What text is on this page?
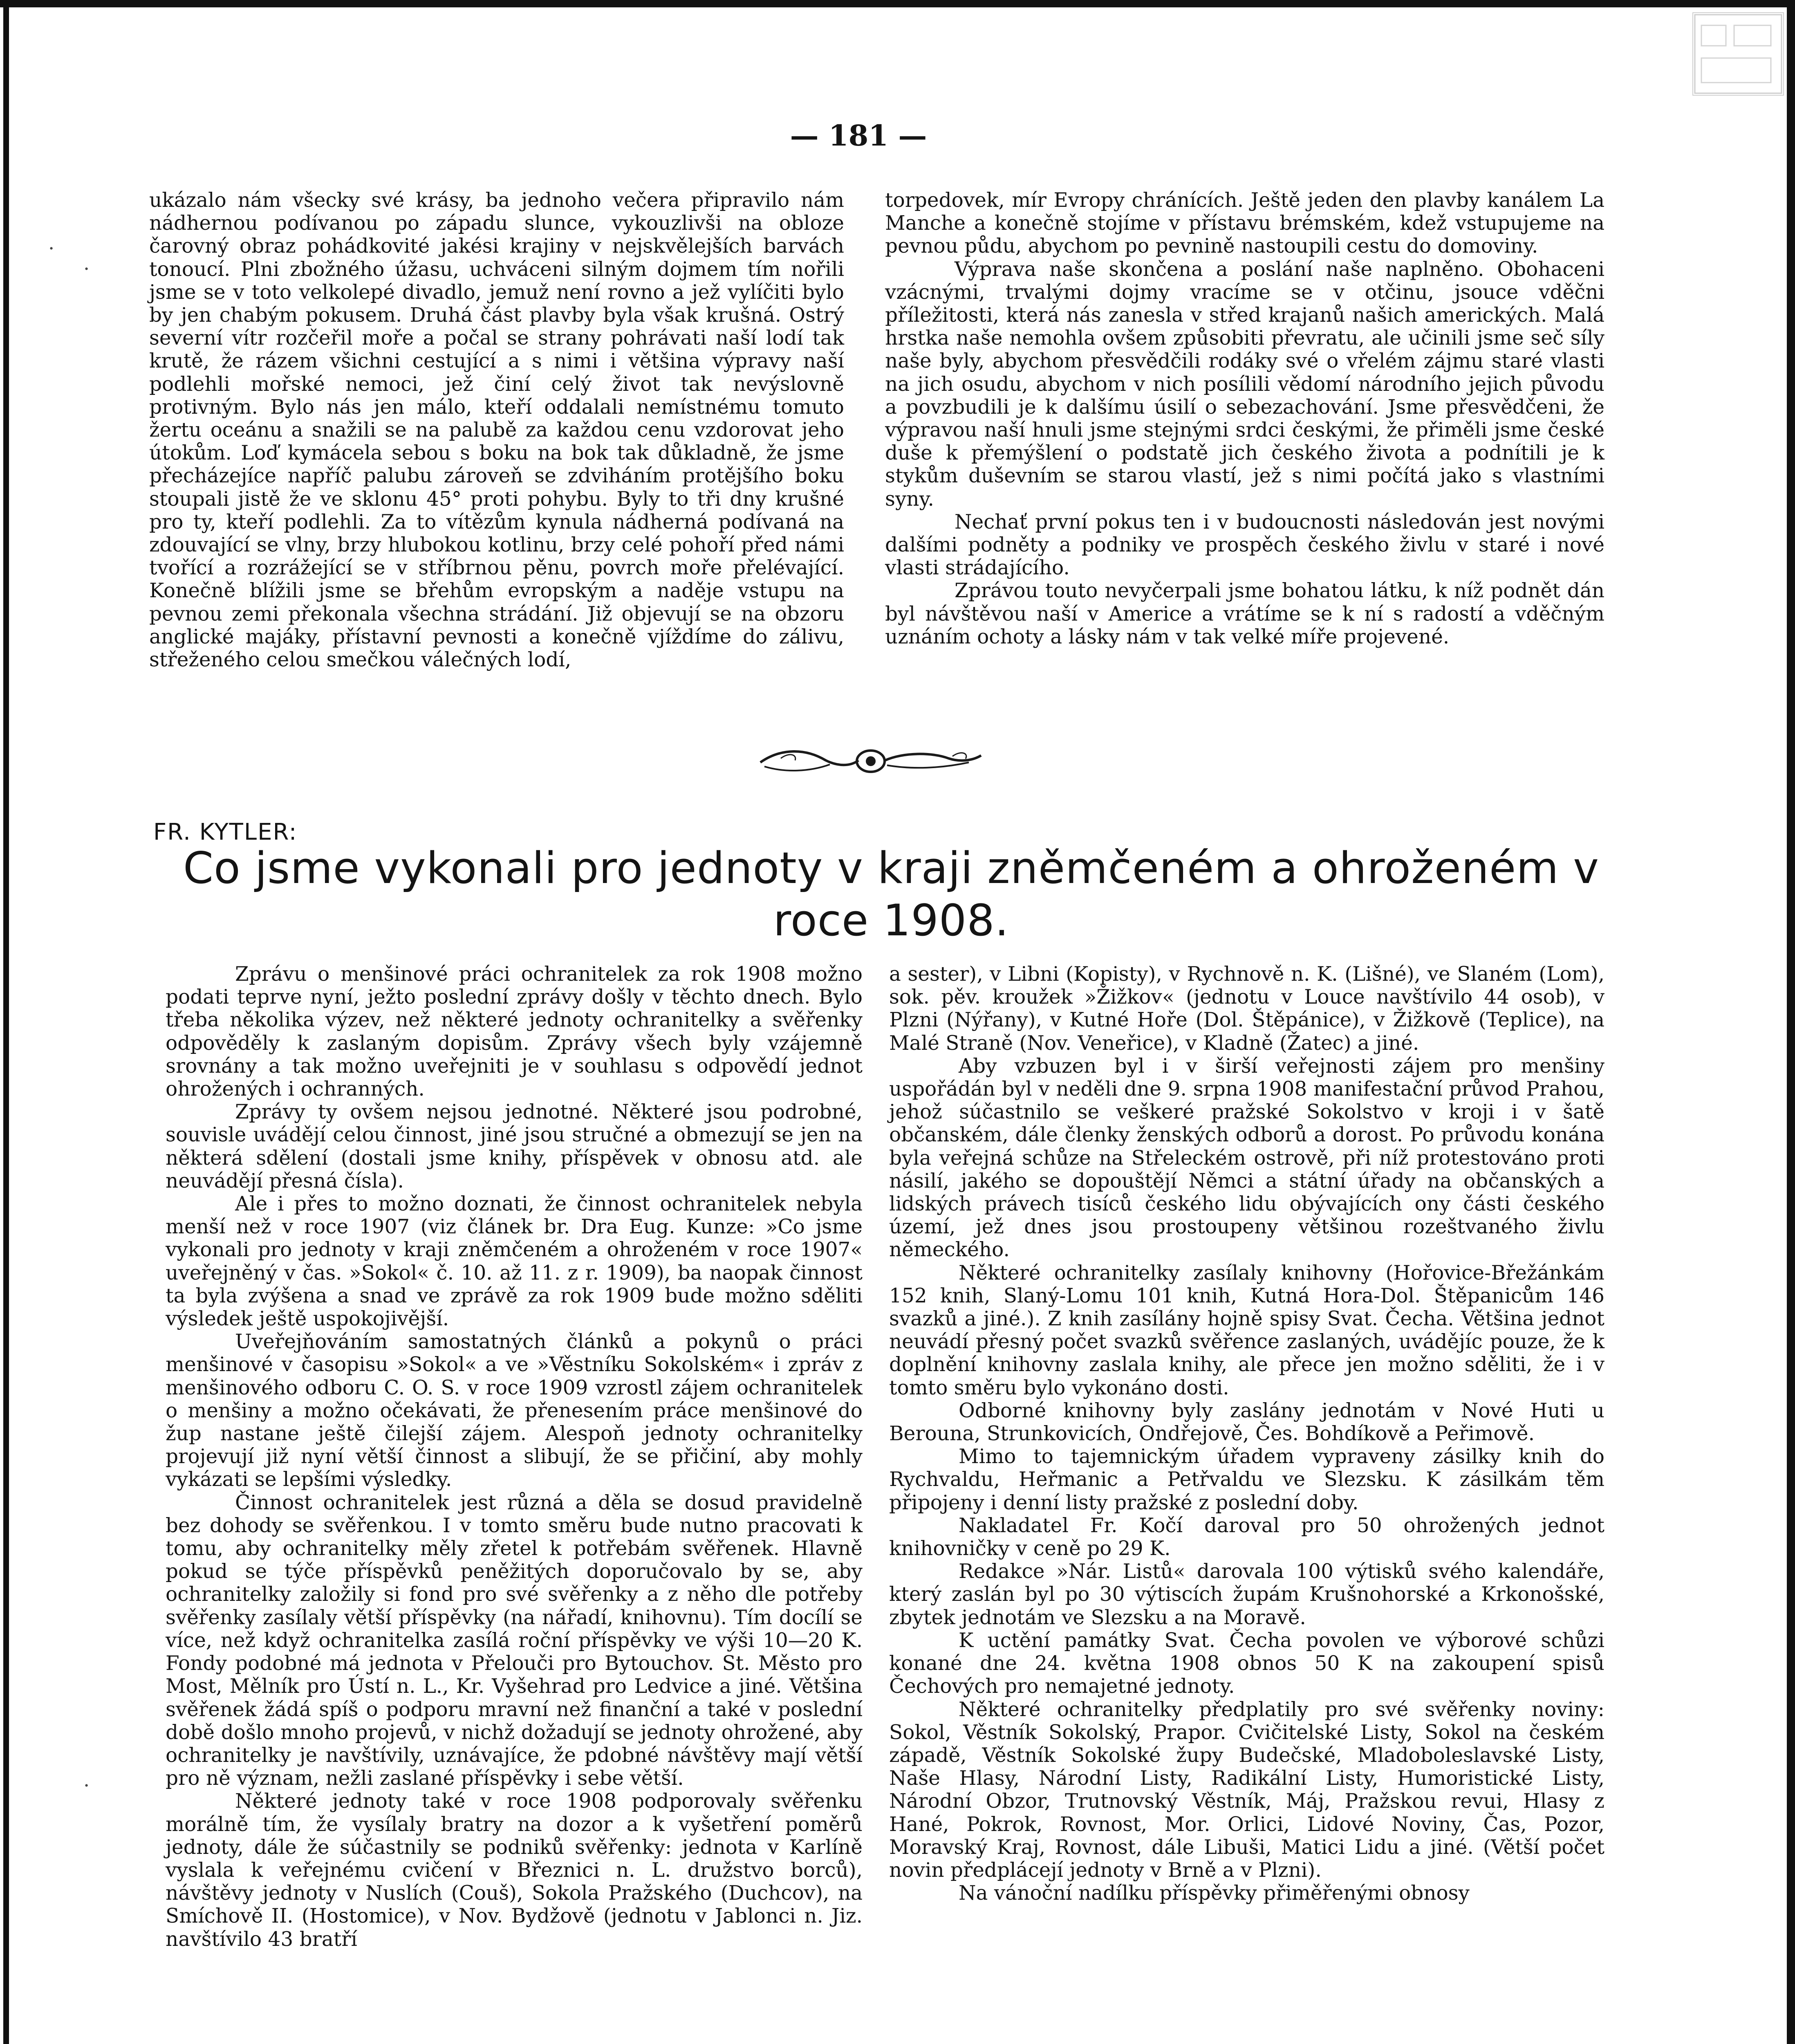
— 181 —
·
·
·

ukázalo nám všecky své krásy, ba jednoho večera připravilo nám nádhernou podívanou po západu slunce, vykouzlivši na obloze čarovný obraz pohádkovité jakési krajiny v nejskvělejších barvách tonoucí. Plni zbožného úžasu, uchváceni silným dojmem tím nořili jsme se v toto velkolepé divadlo, jemuž není rovno a jež vylíčiti bylo by jen chabým pokusem. Druhá část plavby byla však krušná. Ostrý severní vítr rozčeřil moře a počal se strany pohrávati naší lodí tak krutě, že rázem všichni cestující a s nimi i většina výpravy naší podlehli mořské nemoci, jež činí celý život tak nevýslovně protivným. Bylo nás jen málo, kteří oddalali nemístnému tomuto žertu oceánu a snažili se na palubě za každou cenu vzdorovat jeho útokům. Loď kymácela sebou s boku na bok tak důkladně, že jsme přecházejíce napříč palubu zároveň se zdviháním protějšího boku stoupali jistě že ve sklonu 45° proti pohybu. Byly to tři dny krušné pro ty, kteří podlehli. Za to vítězům kynula nádherná podívaná na zdouvající se vlny, brzy hlubokou kotlinu, brzy celé pohoří před námi tvořící a rozrážející se v stříbrnou pěnu, povrch moře přelévající. Konečně blížili jsme se břehům evropským a naděje vstupu na pevnou zemi překonala všechna strádání. Již objevují se na obzoru anglické majáky, přístavní pevnosti a konečně vjíždíme do zálivu, střeženého celou smečkou válečných lodí,

torpedovek, mír Evropy chránících. Ještě jeden den plavby kanálem La Manche a konečně stojíme v přístavu brémském, kdež vstupujeme na pevnou půdu, abychom po pevnině nastoupili cestu do domoviny.

Výprava naše skončena a poslání naše naplněno. Obohaceni vzácnými, trvalými dojmy vracíme se v otčinu, jsouce vděčni příležitosti, která nás zanesla v střed krajanů našich amerických. Malá hrstka naše nemohla ovšem způsobiti převratu, ale učinili jsme seč síly naše byly, abychom přesvědčili rodáky své o vřelém zájmu staré vlasti na jich osudu, abychom v nich posílili vědomí národního jejich původu a povzbudili je k dalšímu úsilí o sebezachování. Jsme přesvědčeni, že výpravou naší hnuli jsme stejnými srdci českými, že přiměli jsme české duše k přemýšlení o podstatě jich českého života a podnítili je k stykům duševním se starou vlastí, jež s nimi počítá jako s vlastními syny.

Nechať první pokus ten i v budoucnosti následován jest novými dalšími podněty a podniky ve prospěch českého živlu v staré i nové vlasti strádajícího.

Zprávou touto nevyčerpali jsme bohatou látku, k níž podnět dán byl návštěvou naší v Americe a vrátíme se k ní s radostí a vděčným uznáním ochoty a lásky nám v tak velké míře projevené.

FR. KYTLER:
Co jsme vykonali pro jednoty v kraji zněmčeném a ohroženém v roce 1908.

Zprávu o menšinové práci ochranitelek za rok 1908 možno podati teprve nyní, ježto poslední zprávy došly v těchto dnech. Bylo třeba několika výzev, než některé jednoty ochranitelky a svěřenky odpověděly k zaslaným dopisům. Zprávy všech byly vzájemně srovnány a tak možno uveřejniti je v souhlasu s odpovědí jednot ohrožených i ochranných.

Zprávy ty ovšem nejsou jednotné. Některé jsou podrobné, souvisle uvádějí celou činnost, jiné jsou stručné a obmezují se jen na některá sdělení (dostali jsme knihy, příspěvek v obnosu atd. ale neuvádějí přesná čísla).

Ale i přes to možno doznati, že činnost ochranitelek nebyla menší než v roce 1907 (viz článek br. Dra Eug. Kunze: »Co jsme vykonali pro jednoty v kraji zněmčeném a ohroženém v roce 1907« uveřejněný v čas. »Sokol« č. 10. až 11. z r. 1909), ba naopak činnost ta byla zvýšena a snad ve zprávě za rok 1909 bude možno sděliti výsledek ještě uspokojivější.

Uveřejňováním samostatných článků a pokynů o práci menšinové v časopisu »Sokol« a ve »Věstníku Sokolském« i zpráv z menšinového odboru C. O. S. v roce 1909 vzrostl zájem ochranitelek o menšiny a možno očekávati, že přenesením práce menšinové do žup nastane ještě čilejší zájem. Alespoň jednoty ochranitelky projevují již nyní větší činnost a slibují, že se přičiní, aby mohly vykázati se lepšími výsledky.

Činnost ochranitelek jest různá a děla se dosud pravidelně bez dohody se svěřenkou. I v tomto směru bude nutno pracovati k tomu, aby ochranitelky měly zřetel k potřebám svěřenek. Hlavně pokud se týče příspěvků peněžitých doporučovalo by se, aby ochranitelky založily si fond pro své svěřenky a z něho dle potřeby svěřenky zasílaly větší příspěvky (na nářadí, knihovnu). Tím docílí se více, než když ochranitelka zasílá roční příspěvky ve výši 10—20 K. Fondy podobné má jednota v Přelouči pro Bytouchov. St. Město pro Most, Mělník pro Ústí n. L., Kr. Vyšehrad pro Ledvice a jiné. Většina svěřenek žádá spíš o podporu mravní než finanční a také v poslední době došlo mnoho projevů, v nichž dožadují se jednoty ohrožené, aby ochranitelky je navštívily, uznávajíce, že pdobné návštěvy mají větší pro ně význam, nežli zaslané příspěvky i sebe větší.

Některé jednoty také v roce 1908 podporovaly svěřenku morálně tím, že vysílaly bratry na dozor a k vyšetření poměrů jednoty, dále že súčastnily se podniků svěřenky: jednota v Karlíně vyslala k veřejnému cvičení v Březnici n. L. družstvo borců), návštěvy jednoty v Nuslích (Couš), Sokola Pražského (Duchcov), na Smíchově II. (Hostomice), v Nov. Bydžově (jednotu v Jablonci n. Jiz. navštívilo 43 bratří

a sester), v Libni (Kopisty), v Rychnově n. K. (Lišné), ve Slaném (Lom), sok. pěv. kroužek »Žižkov« (jednotu v Louce navštívilo 44 osob), v Plzni (Nýřany), v Kutné Hoře (Dol. Štěpánice), v Žižkově (Teplice), na Malé Straně (Nov. Veneřice), v Kladně (Žatec) a jiné.

Aby vzbuzen byl i v širší veřejnosti zájem pro menšiny uspořádán byl v neděli dne 9. srpna 1908 manifestační průvod Prahou, jehož súčastnilo se veškeré pražské Sokolstvo v kroji i v šatě občanském, dále členky ženských odborů a dorost. Po průvodu konána byla veřejná schůze na Střeleckém ostrově, při níž protestováno proti násilí, jakého se dopouštějí Němci a státní úřady na občanských a lidských právech tisíců českého lidu obývajících ony části českého území, jež dnes jsou prostoupeny většinou rozeštvaného živlu německého.

Některé ochranitelky zasílaly knihovny (Hořovice-Břežánkám 152 knih, Slaný-Lomu 101 knih, Kutná Hora-Dol. Štěpanicům 146 svazků a jiné.). Z knih zasílány hojně spisy Svat. Čecha. Většina jednot neuvádí přesný počet svazků svěřence zaslaných, uvádějíc pouze, že k doplnění knihovny zaslala knihy, ale přece jen možno sděliti, že i v tomto směru bylo vykonáno dosti.

Odborné knihovny byly zaslány jednotám v Nové Huti u Berouna, Strunkovicích, Ondřejově, Čes. Bohdíkově a Peřimově.

Mimo to tajemnickým úřadem vypraveny zásilky knih do Rychvaldu, Heřmanic a Petřvaldu ve Slezsku. K zásilkám těm připojeny i denní listy pražské z poslední doby.

Nakladatel Fr. Kočí daroval pro 50 ohrožených jednot knihovničky v ceně po 29 K.

Redakce »Nár. Listů« darovala 100 výtisků svého kalendáře, který zaslán byl po 30 výtiscích župám Krušnohorské a Krkonošské, zbytek jednotám ve Slezsku a na Moravě.

K uctění památky Svat. Čecha povolen ve výborové schůzi konané dne 24. května 1908 obnos 50 K na zakoupení spisů Čechových pro nemajetné jednoty.

Některé ochranitelky předplatily pro své svěřenky noviny: Sokol, Věstník Sokolský, Prapor. Cvičitelské Listy, Sokol na českém západě, Věstník Sokolské župy Budečské, Mladoboleslavské Listy, Naše Hlasy, Národní Listy, Radikální Listy, Humoristické Listy, Národní Obzor, Trutnovský Věstník, Máj, Pražskou revui, Hlasy z Hané, Pokrok, Rovnost, Mor. Orlici, Lidové Noviny, Čas, Pozor, Moravský Kraj, Rovnost, dále Libuši, Matici Lidu a jiné. (Větší počet novin předplácejí jednoty v Brně a v Plzni).

Na vánoční nadílku příspěvky přiměřenými obnosy
